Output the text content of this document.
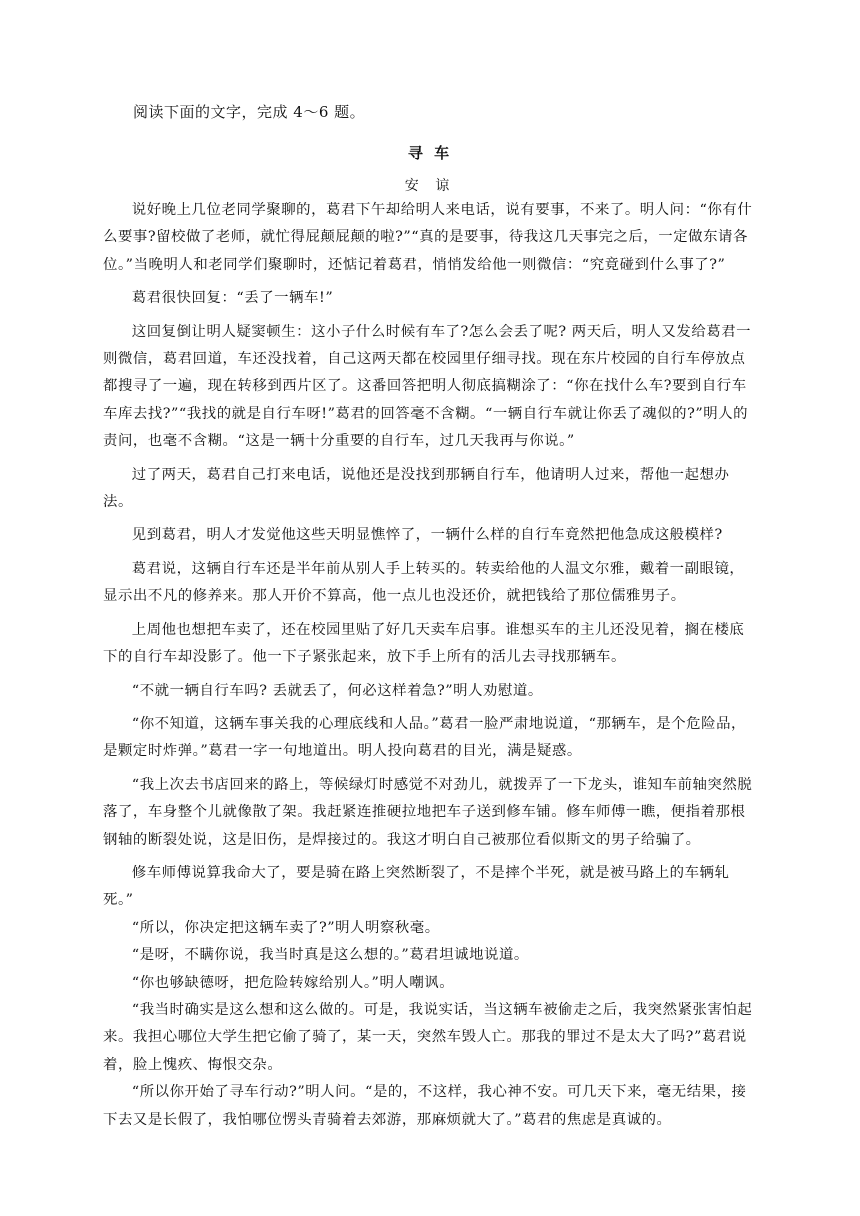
阅读下面的文字，完成 4～6 题。
寻 车
安 谅

说好晚上几位老同学聚聊的，葛君下午却给明人来电话，说有要事，不来了。明人问：“你有什么要事?留校做了老师，就忙得屁颠屁颠的啦?”“真的是要事，待我这几天事完之后，一定做东请各位。”当晚明人和老同学们聚聊时，还惦记着葛君，悄悄发给他一则微信：“究竟碰到什么事了?”

葛君很快回复：“丢了一辆车!”

这回复倒让明人疑窦顿生：这小子什么时候有车了?怎么会丢了呢? 两天后，明人又发给葛君一则微信，葛君回道，车还没找着，自己这两天都在校园里仔细寻找。现在东片校园的自行车停放点都搜寻了一遍，现在转移到西片区了。这番回答把明人彻底搞糊涂了：“你在找什么车?要到自行车车库去找?”“我找的就是自行车呀!”葛君的回答毫不含糊。“一辆自行车就让你丢了魂似的?”明人的责问，也毫不含糊。“这是一辆十分重要的自行车，过几天我再与你说。”

过了两天，葛君自己打来电话，说他还是没找到那辆自行车，他请明人过来，帮他一起想办法。

见到葛君，明人才发觉他这些天明显憔悴了，一辆什么样的自行车竟然把他急成这般模样?

葛君说，这辆自行车还是半年前从别人手上转买的。转卖给他的人温文尔雅，戴着一副眼镜，显示出不凡的修养来。那人开价不算高，他一点儿也没还价，就把钱给了那位儒雅男子。

上周他也想把车卖了，还在校园里贴了好几天卖车启事。谁想买车的主儿还没见着，搁在楼底下的自行车却没影了。他一下子紧张起来，放下手上所有的活儿去寻找那辆车。

“不就一辆自行车吗? 丢就丢了，何必这样着急?”明人劝慰道。

“你不知道，这辆车事关我的心理底线和人品。”葛君一脸严肃地说道，“那辆车，是个危险品，是颗定时炸弹。”葛君一字一句地道出。明人投向葛君的目光，满是疑惑。

“我上次去书店回来的路上，等候绿灯时感觉不对劲儿，就拨弄了一下龙头，谁知车前轴突然脱落了，车身整个儿就像散了架。我赶紧连推硬拉地把车子送到修车铺。修车师傅一瞧，便指着那根钢轴的断裂处说，这是旧伤，是焊接过的。我这才明白自己被那位看似斯文的男子给骗了。

修车师傅说算我命大了，要是骑在路上突然断裂了，不是摔个半死，就是被马路上的车辆轧死。”

“所以，你决定把这辆车卖了?”明人明察秋毫。

“是呀，不瞒你说，我当时真是这么想的。”葛君坦诚地说道。

“你也够缺德呀，把危险转嫁给别人。”明人嘲讽。

“我当时确实是这么想和这么做的。可是，我说实话，当这辆车被偷走之后，我突然紧张害怕起来。我担心哪位大学生把它偷了骑了，某一天，突然车毁人亡。那我的罪过不是太大了吗?”葛君说着，脸上愧疚、悔恨交杂。

“所以你开始了寻车行动?”明人问。“是的，不这样，我心神不安。可几天下来，毫无结果，接下去又是长假了，我怕哪位愣头青骑着去郊游，那麻烦就大了。”葛君的焦虑是真诚的。
